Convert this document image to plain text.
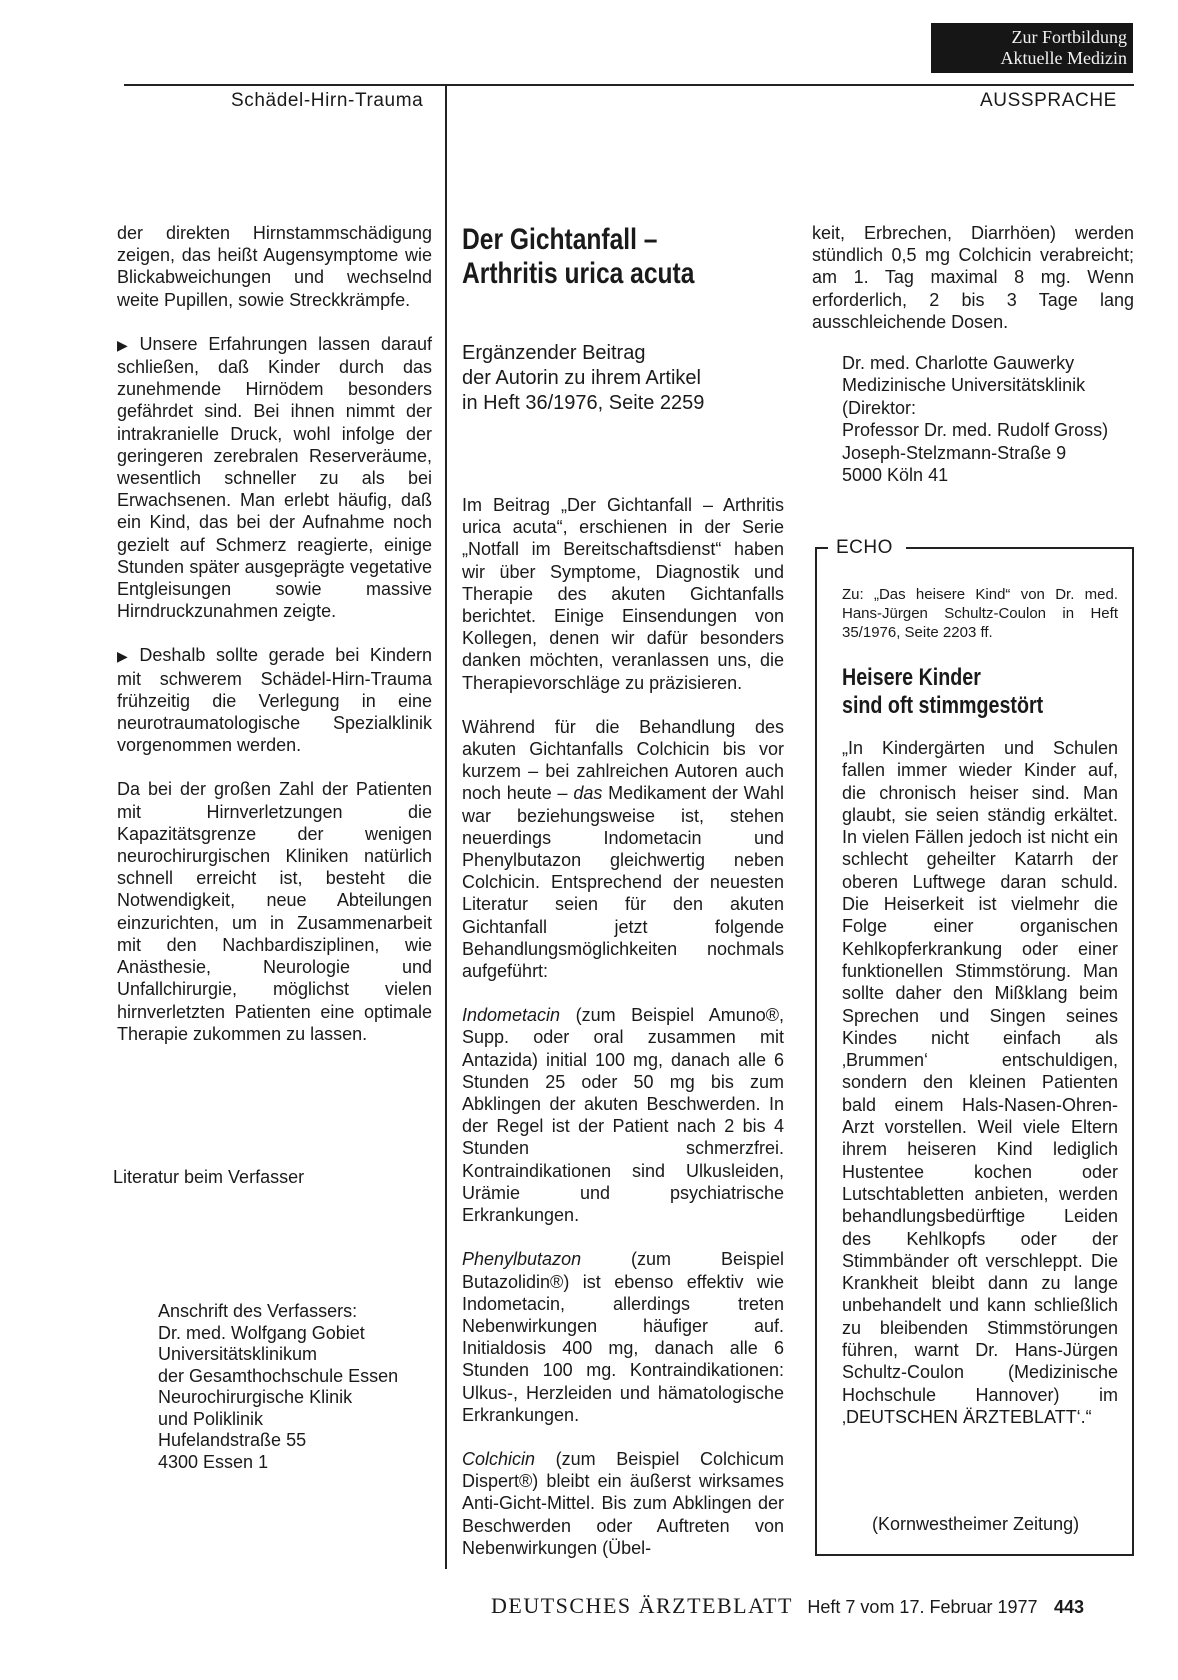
Zur Fortbildung
Aktuelle Medizin
Schädel-Hirn-Trauma	AUSSPRACHE

der direkten Hirnstammschädigung zeigen, das heißt Augensymptome wie Blickabweichungen und wechselnd weite Pupillen, sowie Streckkrämpfe.

▶ Unsere Erfahrungen lassen darauf schließen, daß Kinder durch das zunehmende Hirnödem besonders gefährdet sind. Bei ihnen nimmt der intrakranielle Druck, wohl infolge der geringeren zerebralen Reserveräume, wesentlich schneller zu als bei Erwachsenen. Man erlebt häufig, daß ein Kind, das bei der Aufnahme noch gezielt auf Schmerz reagierte, einige Stunden später ausgeprägte vegetative Entgleisungen sowie massive Hirndruckzunahmen zeigte.

▶ Deshalb sollte gerade bei Kindern mit schwerem Schädel-Hirn-Trauma frühzeitig die Verlegung in eine neurotraumatologische Spezialklinik vorgenommen werden.

Da bei der großen Zahl der Patienten mit Hirnverletzungen die Kapazitätsgrenze der wenigen neurochirurgischen Kliniken natürlich schnell erreicht ist, besteht die Notwendigkeit, neue Abteilungen einzurichten, um in Zusammenarbeit mit den Nachbardisziplinen, wie Anästhesie, Neurologie und Unfallchirurgie, möglichst vielen hirnverletzten Patienten eine optimale Therapie zukommen zu lassen.

Literatur beim Verfasser
Anschrift des Verfassers:
Dr. med. Wolfgang Gobiet
Universitätsklinikum
der Gesamthochschule Essen
Neurochirurgische Klinik
und Poliklinik
Hufelandstraße 55
4300 Essen 1
Der Gichtanfall –
Arthritis urica acuta
Ergänzender Beitrag
der Autorin zu ihrem Artikel
in Heft 36/1976, Seite 2259

Im Beitrag „Der Gichtanfall – Arthritis urica acuta“, erschienen in der Serie „Notfall im Bereitschaftsdienst“ haben wir über Symptome, Diagnostik und Therapie des akuten Gichtanfalls berichtet. Einige Einsendungen von Kollegen, denen wir dafür besonders danken möchten, veranlassen uns, die Therapievorschläge zu präzisieren.

Während für die Behandlung des akuten Gichtanfalls Colchicin bis vor kurzem – bei zahlreichen Autoren auch noch heute – das Medikament der Wahl war beziehungsweise ist, stehen neuerdings Indometacin und Phenylbutazon gleichwertig neben Colchicin. Entsprechend der neuesten Literatur seien für den akuten Gichtanfall jetzt folgende Behandlungsmöglichkeiten nochmals aufgeführt:

Indometacin (zum Beispiel Amuno®, Supp. oder oral zusammen mit Antazida) initial 100 mg, danach alle 6 Stunden 25 oder 50 mg bis zum Abklingen der akuten Beschwerden. In der Regel ist der Patient nach 2 bis 4 Stunden schmerzfrei. Kontraindikationen sind Ulkusleiden, Urämie und psychiatrische Erkrankungen.

Phenylbutazon	(zum Beispiel Butazolidin®) ist ebenso effektiv wie Indometacin, allerdings treten Nebenwirkungen häufiger auf. Initialdosis 400 mg, danach alle 6 Stunden 100 mg. Kontraindikationen: Ulkus-, Herzleiden und hämatologische Erkrankungen.

Colchicin (zum Beispiel Colchicum Dispert®) bleibt ein äußerst wirksames Anti-Gicht-Mittel. Bis zum Abklingen der Beschwerden oder Auftreten von Nebenwirkungen (Übel-

keit, Erbrechen, Diarrhöen) werden stündlich 0,5 mg Colchicin verabreicht; am 1. Tag maximal 8 mg. Wenn erforderlich, 2 bis 3 Tage lang ausschleichende Dosen.

Dr. med. Charlotte Gauwerky
Medizinische Universitätsklinik
(Direktor:
Professor Dr. med. Rudolf Gross)
Joseph-Stelzmann-Straße 9
5000 Köln 41
ECHO
Zu: „Das heisere Kind“ von Dr. med. Hans-Jürgen Schultz-Coulon in Heft 35/1976, Seite 2203 ff.
Heisere Kinder
sind oft stimmgestört

„In Kindergärten und Schulen fallen immer wieder Kinder auf, die chronisch heiser sind. Man glaubt, sie seien ständig erkältet. In vielen Fällen jedoch ist nicht ein schlecht geheilter Katarrh der oberen Luftwege daran schuld. Die Heiserkeit ist vielmehr die Folge einer organischen Kehlkopferkrankung oder einer funktionellen Stimmstörung. Man sollte daher den Mißklang beim Sprechen und Singen seines Kindes nicht einfach als ‚Brummen‘ entschuldigen, sondern den kleinen Patienten bald einem Hals-Nasen-Ohren-Arzt vorstellen. Weil viele Eltern ihrem heiseren Kind lediglich Hustentee kochen oder Lutschtabletten anbieten, werden behandlungsbedürftige Leiden des Kehlkopfs oder der Stimmbänder oft verschleppt. Die Krankheit bleibt dann zu lange unbehandelt und kann schließlich zu bleibenden Stimmstörungen führen, warnt Dr. Hans-Jürgen Schultz-Coulon (Medizinische Hochschule Hannover) im ‚DEUTSCHEN ÄRZTEBLATT‘.“

(Kornwestheimer Zeitung)
DEUTSCHES ÄRZTEBLATT Heft 7 vom 17. Februar 1977 443
